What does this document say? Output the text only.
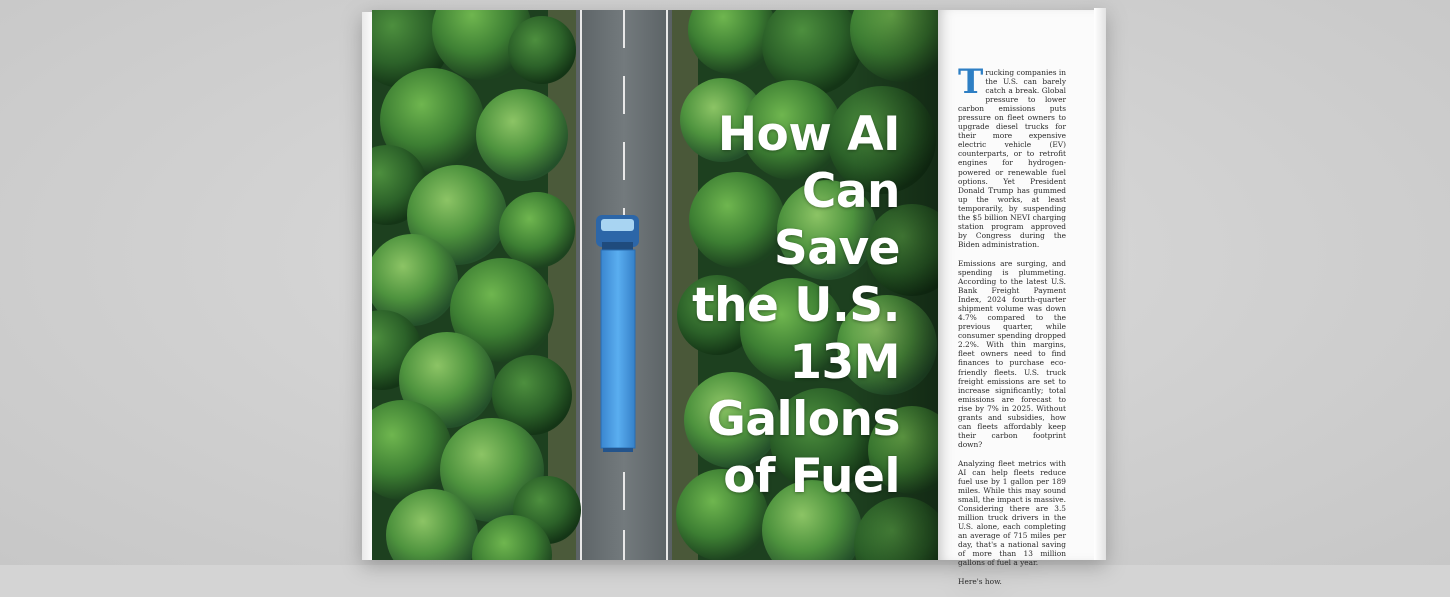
How AI
Can
Save
the U.S.
13M
Gallons
of Fuel

Trucking companies in the U.S. can barely catch a break. Global pressure to lower carbon emissions puts pressure on fleet owners to upgrade diesel trucks for their more expensive electric vehicle (EV) counterparts, or to retrofit engines for hydrogen-powered or renewable fuel options. Yet President Donald Trump has gummed up the works, at least temporarily, by suspending the $5 billion NEVI charging station program approved by Congress during the Biden administration.

Emissions are surging, and spending is plummeting. According to the latest U.S. Bank Freight Payment Index, 2024 fourth-quarter shipment volume was down 4.7% compared to the previous quarter, while consumer spending dropped 2.2%. With thin margins, fleet owners need to find finances to purchase eco-friendly fleets. U.S. truck freight emissions are set to increase significantly; total emissions are forecast to rise by 7% in 2025. Without grants and subsidies, how can fleets affordably keep their carbon footprint down?

Analyzing fleet metrics with AI can help fleets reduce fuel use by 1 gallon per 189 miles. While this may sound small, the impact is massive. Considering there are 3.5 million truck drivers in the U.S. alone, each completing an average of 715 miles per day, that's a national saving of more than 13 million gallons of fuel a year.

Here's how.
